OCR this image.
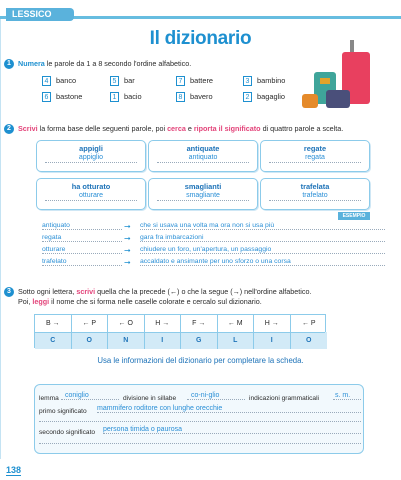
LESSICO
Il dizionario
1 Numera le parole da 1 a 8 secondo l'ordine alfabetico.
4	banco	5	bar	7	battere	3	bambino
6	bastone	1	bacio	8	bavero	2	bagaglio
2 Scrivi la forma base delle seguenti parole, poi cerca e riporta il significato di quattro parole a scelta.
appigli
appiglio
antiquate
antiquato
regate
regata
ha otturato
otturare
smaglianti
smagliante
trafelata
trafelato
ESEMPIO
antiquato	➞ che si usava una volta ma ora non si usa più
regata	➞ gara fra imbarcazioni
otturare	➞ chiudere un foro, un'apertura, un passaggio
trafelato	➞ accaldato e ansimante per uno sforzo o una corsa
3 Sotto ogni lettera, scrivi quella che la precede (←) o che la segue (→) nell'ordine alfabetico.
Poi, leggi il nome che si forma nelle caselle colorate e cercalo sul dizionario.
B →	← P	← O	H →	F →	← M	H →	← P
C	O	N	I	G	L	I	O
Usa le informazioni del dizionario per completare la scheda.
lemma coniglio	divisione in sillabe	co-ni-glio	indicazioni grammaticali s. m.
primo significato mammifero roditore con lunghe orecchie
secondo significato persona timida o paurosa
138
